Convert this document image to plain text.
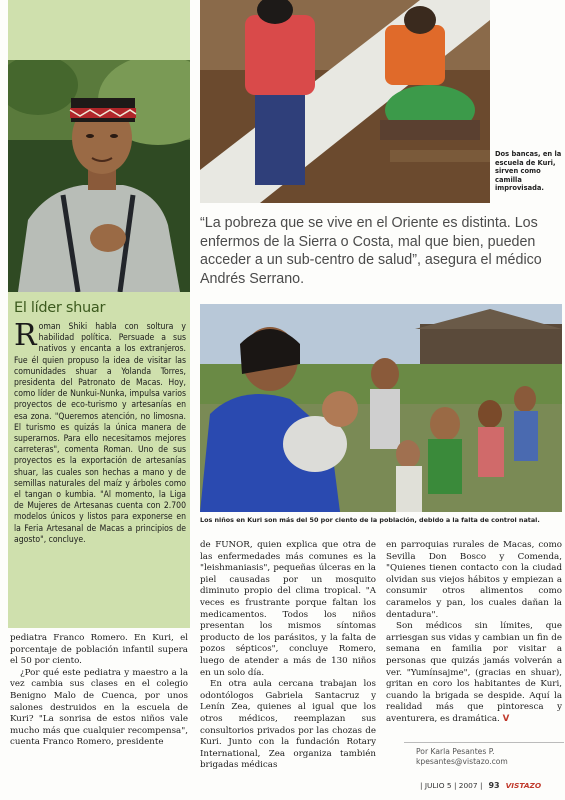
El líder shuar
Roman Shiki habla con soltura y habilidad política. Persuade a sus nativos y encanta a los extranjeros. Fue él quien propuso la idea de visitar las comunidades shuar a Yolanda Torres, presidenta del Patronato de Macas. Hoy, como líder de Nunkui-Nunka, impulsa varios proyectos de eco-turismo y artesanías en esa zona. "Queremos atención, no limosna. El turismo es quizás la única manera de superarnos. Para ello necesitamos mejores carreteras", comenta Roman. Uno de sus proyectos es la exportación de artesanías shuar, las cuales son hechas a mano y de semillas naturales del maíz y árboles como el tangan o kumbia. "Al momento, la Liga de Mujeres de Artesanas cuenta con 2.700 modelos únicos y listos para exponerse en la Feria Artesanal de Macas a principios de agosto", concluye.
Dos bancas, en la escuela de Kuri, sirven como camilla improvisada.
“La pobreza que se vive en el Oriente es distinta. Los enfermos de la Sierra o Costa, mal que bien, pueden acceder a un sub-centro de salud”, asegura el médico Andrés Serrano.
Los niños en Kuri son más del 50 por ciento de la población, debido a la falta de control natal.

pediatra Franco Romero. En Kuri, el porcentaje de población infantil supera el 50 por ciento.

¿Por qué este pediatra y maestro a la vez cambia sus clases en el colegio Benigno Malo de Cuenca, por unos salones destruidos en la escuela de Kuri? "La sonrisa de estos niños vale mucho más que cualquier recompensa", cuenta Franco Romero, presidente

de FUNOR, quien explica que otra de las enfermedades más comunes es la "leishmaniasis", pequeñas úlceras en la piel causadas por un mosquito diminuto propio del clima tropical. "A veces es frustrante porque faltan los medicamentos. Todos los niños presentan los mismos síntomas producto de los parásitos, y la falta de pozos sépticos", concluye Romero, luego de atender a más de 130 niños en un solo día.

En otra aula cercana trabajan los odontólogos Gabriela Santacruz y Lenín Zea, quienes al igual que los otros médicos, reemplazan sus consultorios privados por las chozas de Kuri. Junto con la fundación Rotary International, Zea organiza también brigadas médicas

en parroquias rurales de Macas, como Sevilla Don Bosco y Comenda, "Quienes tienen contacto con la ciudad olvidan sus viejos hábitos y empiezan a consumir otros alimentos como caramelos y pan, los cuales dañan la dentadura".

Son médicos sin límites, que arriesgan sus vidas y cambian un fin de semana en familia por visitar a personas que quizás jamás volverán a ver. "Yumínsajme", (gracias en shuar), gritan en coro los habitantes de Kuri, cuando la brigada se despide. Aquí la realidad más que pintoresca y aventurera, es dramática. V

Por Karla Pesantes P.
kpesantes@vistazo.com
| JULIO 5 | 2007 | 93 VISTAZO
